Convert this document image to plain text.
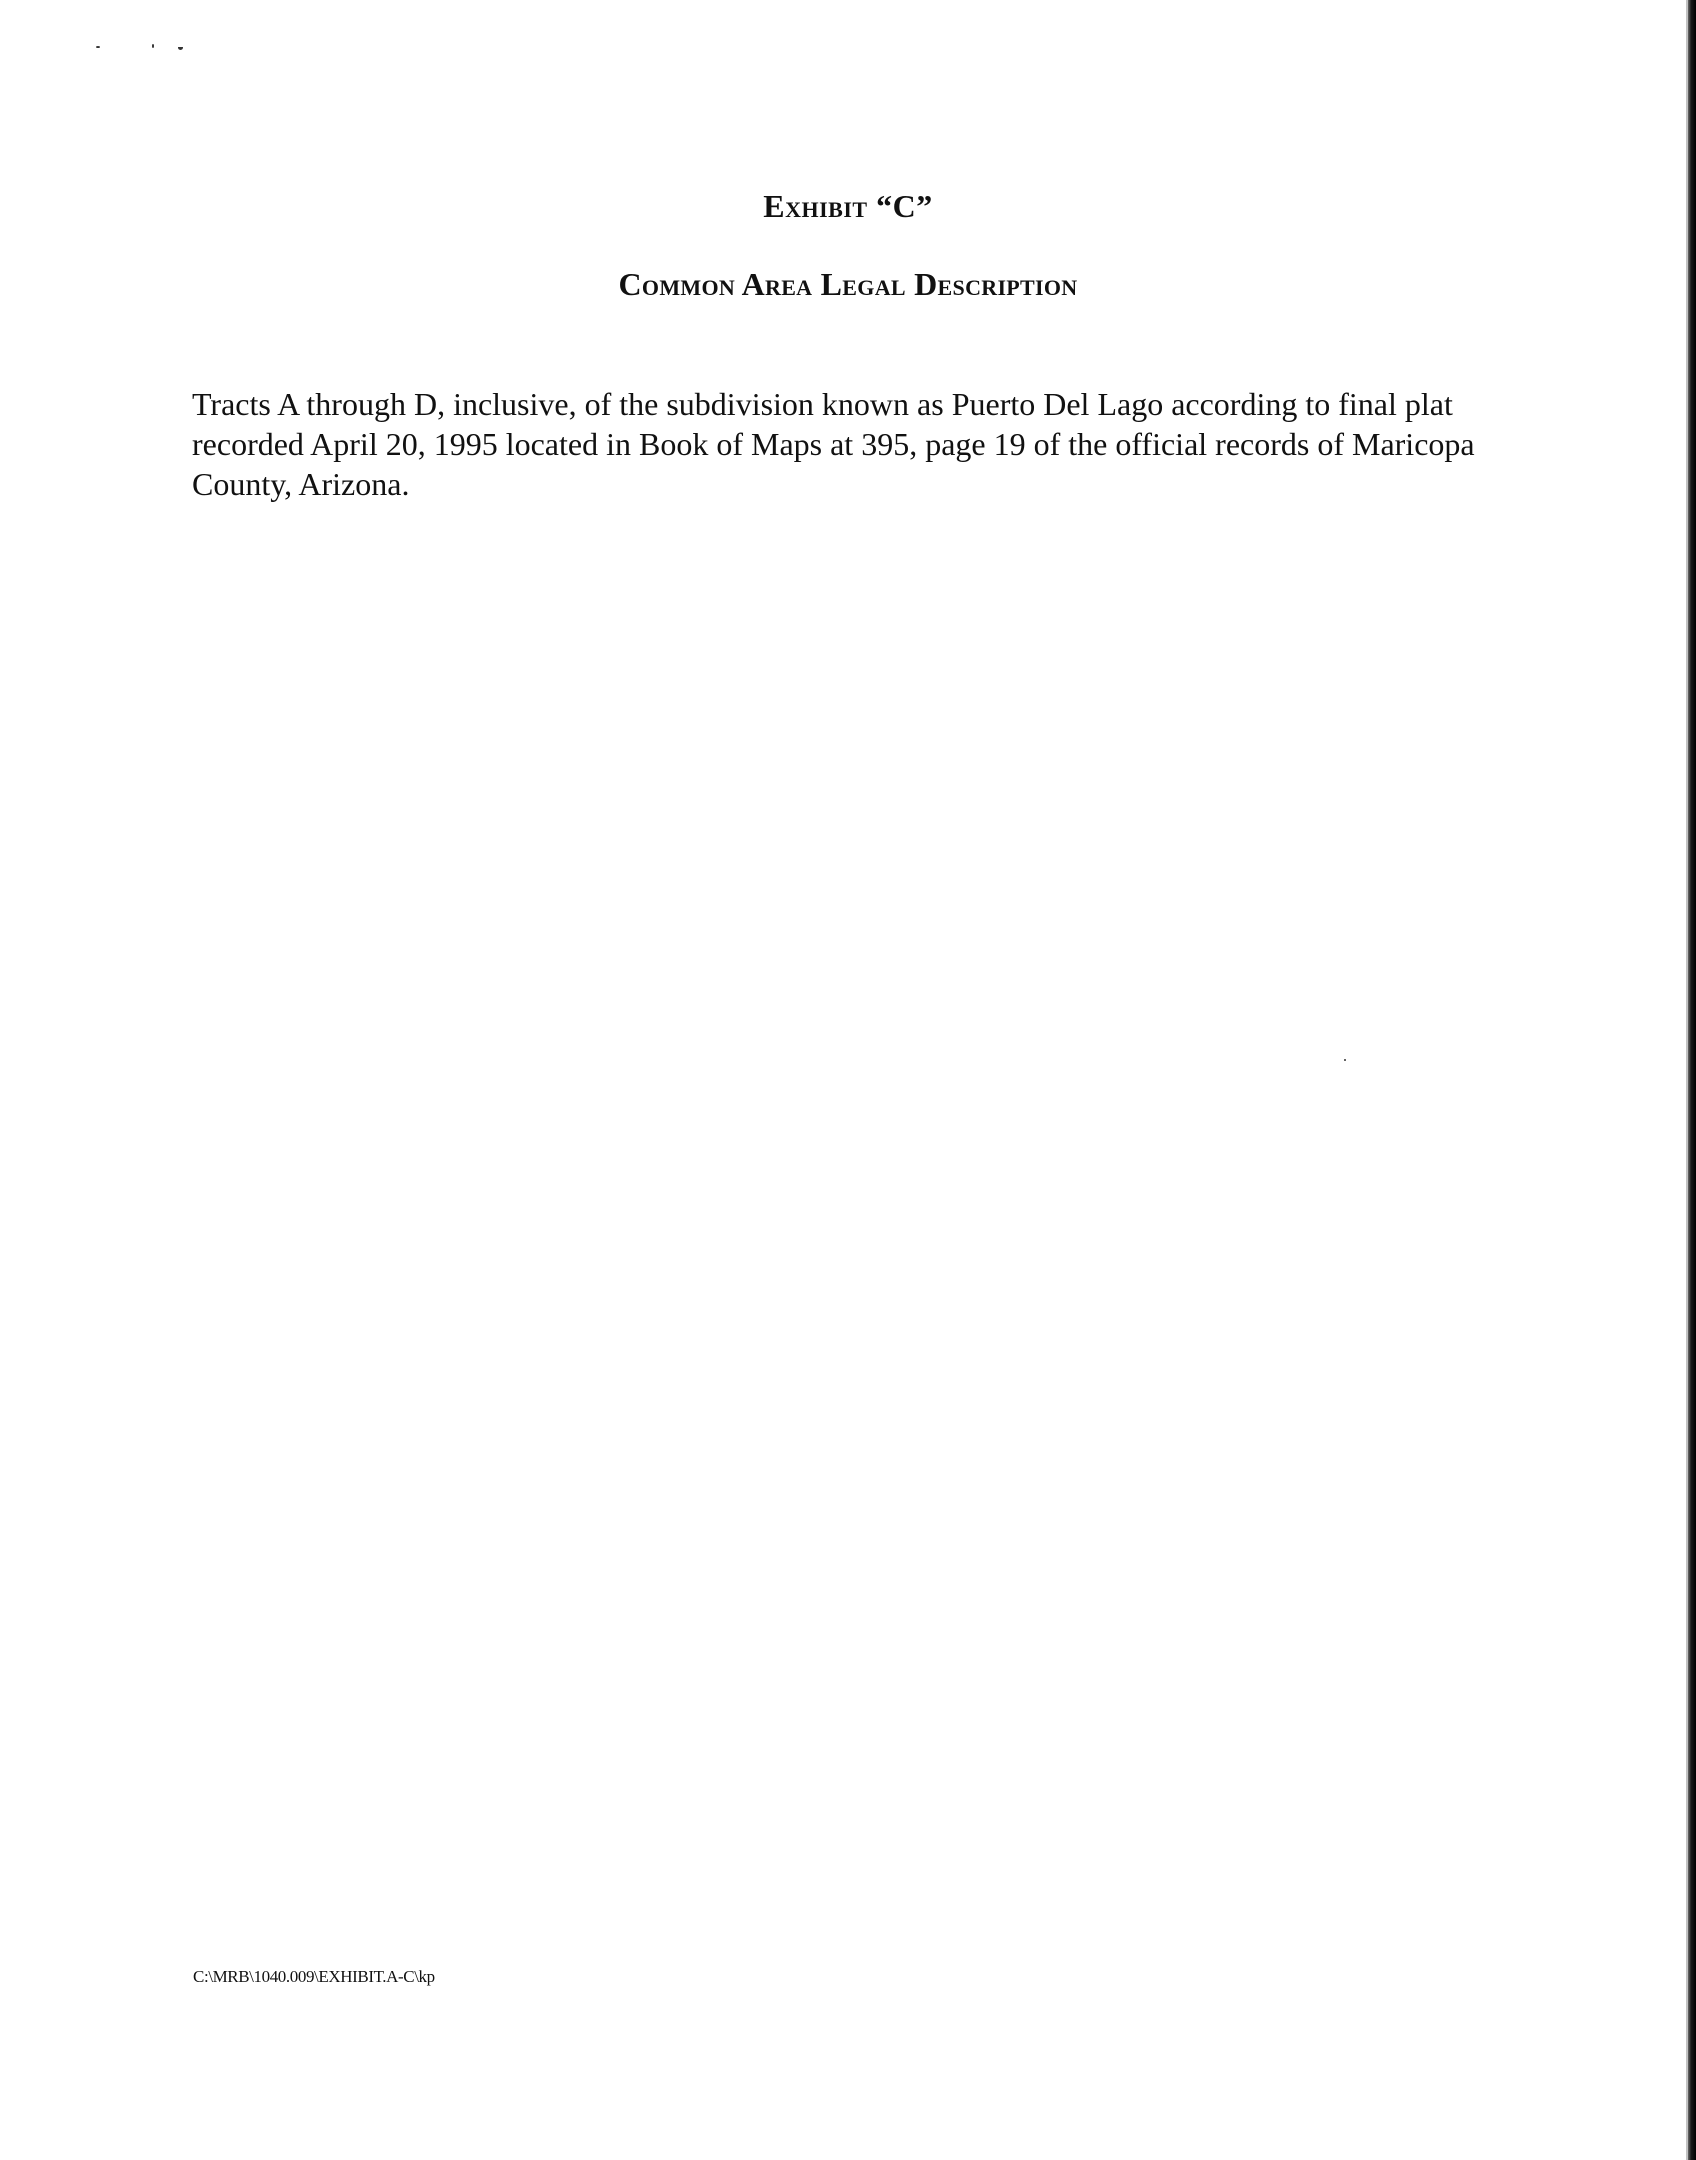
Exhibit “C”
Common Area Legal Description

Tracts A through D, inclusive, of the subdivision known as Puerto Del Lago according to final plat
recorded April 20, 1995 located in Book of Maps at 395, page 19 of the official records of Maricopa
County, Arizona.

C:\MRB\1040.009\EXHIBIT.A-C\kp
